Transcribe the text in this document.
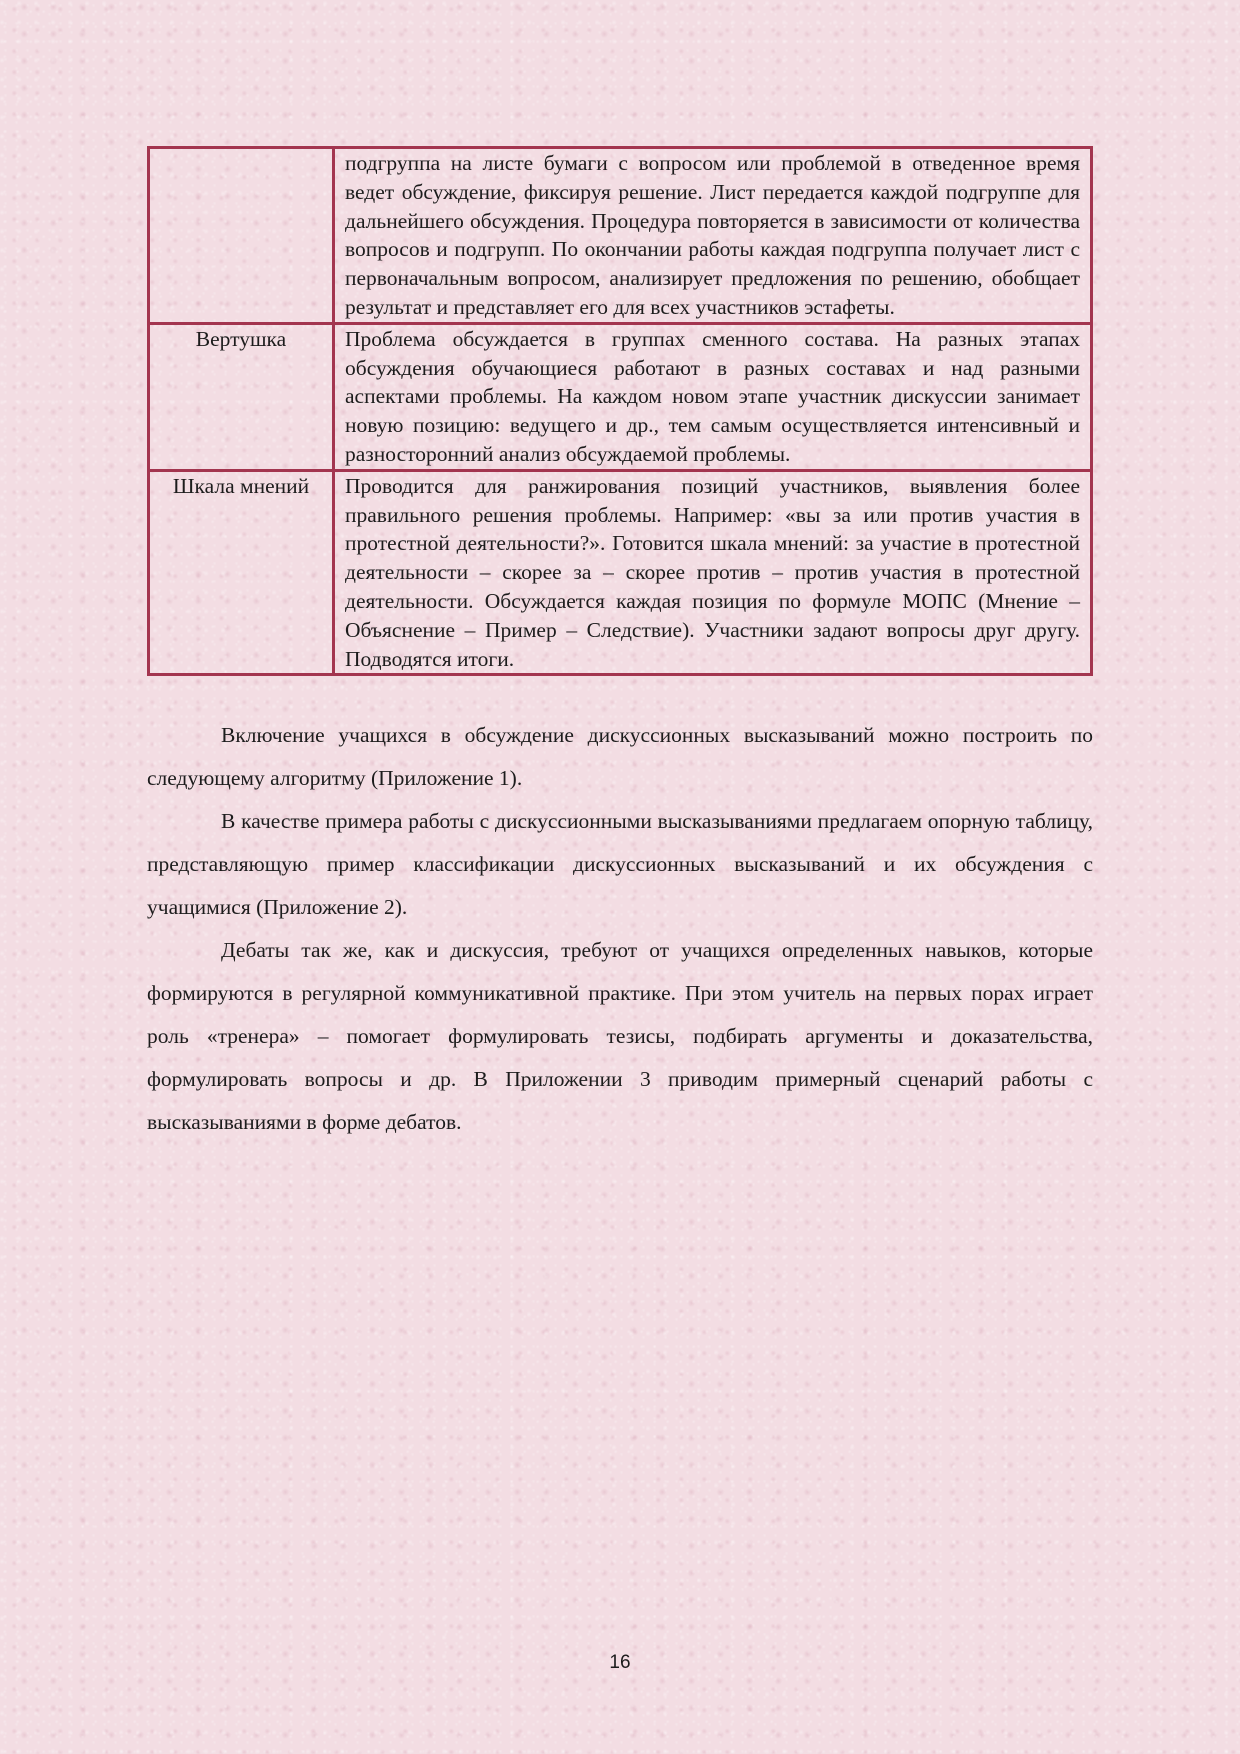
	подгруппа на листе бумаги с вопросом или проблемой в отведенное время ведет обсуждение, фиксируя решение. Лист передается каждой подгруппе для дальнейшего обсуждения. Процедура повторяется в зависимости от количества вопросов и подгрупп. По окончании работы каждая подгруппа получает лист с первоначальным вопросом, анализирует предложения по решению, обобщает результат и представляет его для всех участников эстафеты.
Вертушка	Проблема обсуждается в группах сменного состава. На разных этапах обсуждения обучающиеся работают в разных составах и над разными аспектами проблемы. На каждом новом этапе участник дискуссии занимает новую позицию: ведущего и др., тем самым осуществляется интенсивный и разносторонний анализ обсуждаемой проблемы.
Шкала мнений	Проводится для ранжирования позиций участников, выявления более правильного решения проблемы. Например: «вы за или против участия в протестной деятельности?». Готовится шкала мнений: за участие в протестной деятельности – скорее за – скорее против – против участия в протестной деятельности. Обсуждается каждая позиция по формуле МОПС (Мнение – Объяснение – Пример – Следствие). Участники задают вопросы друг другу. Подводятся итоги.

Включение учащихся в обсуждение дискуссионных высказываний можно построить по следующему алгоритму (Приложение 1).

В качестве примера работы с дискуссионными высказываниями предлагаем опорную таблицу, представляющую пример классификации дискуссионных высказываний и их обсуждения с учащимися (Приложение 2).

Дебаты так же, как и дискуссия, требуют от учащихся определенных навыков, которые формируются в регулярной коммуникативной практике. При этом учитель на первых порах играет роль «тренера» – помогает формулировать тезисы, подбирать аргументы и доказательства, формулировать вопросы и др. В Приложении 3 приводим примерный сценарий работы с высказываниями в форме дебатов.

16
